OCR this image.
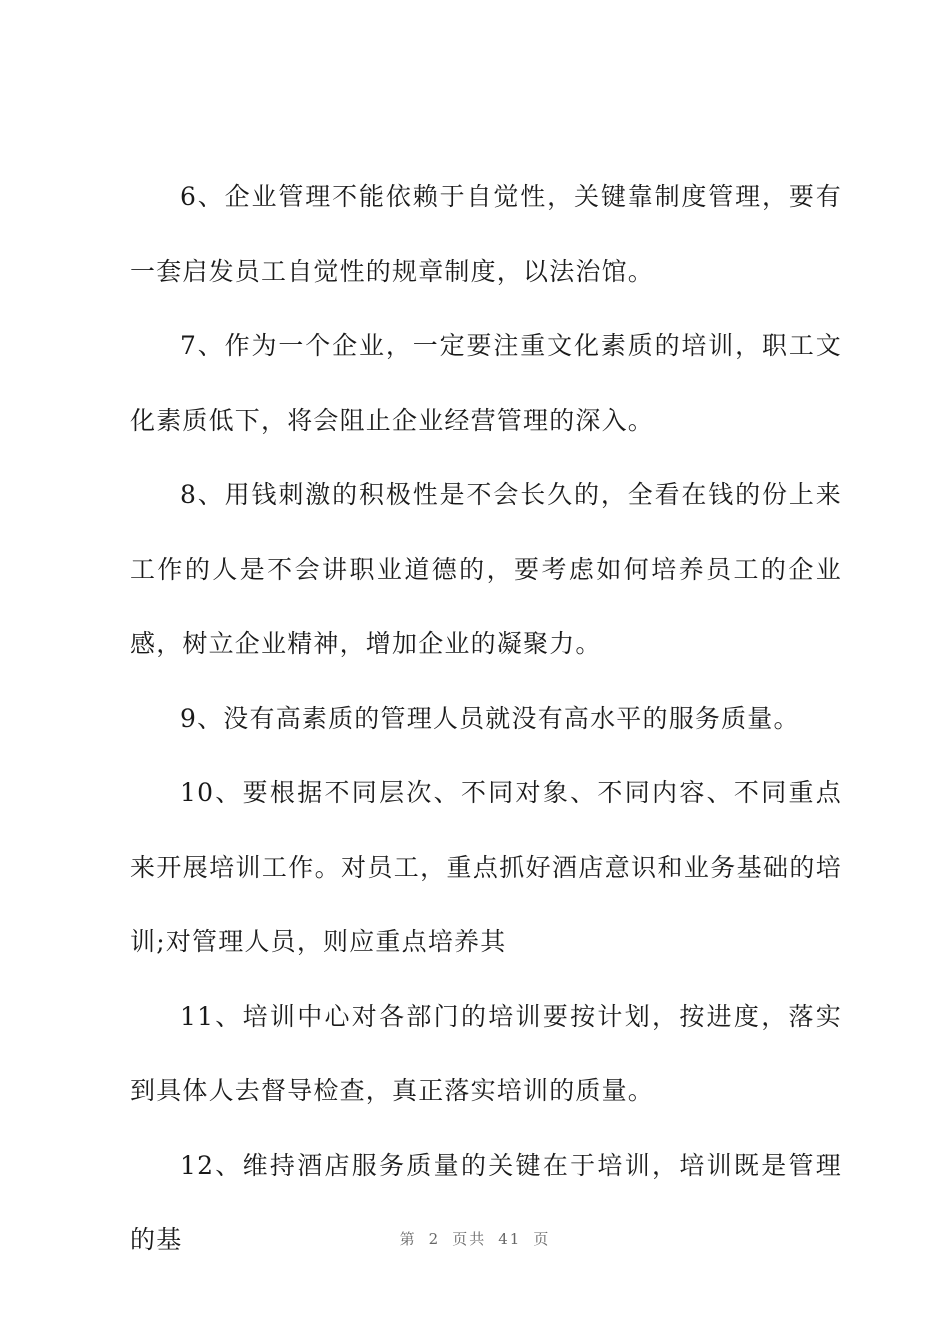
6、企业管理不能依赖于自觉性，关键靠制度管理，要有一套启发员工自觉性的规章制度，以法治馆。

7、作为一个企业，一定要注重文化素质的培训，职工文化素质低下，将会阻止企业经营管理的深入。

8、用钱刺激的积极性是不会长久的，全看在钱的份上来工作的人是不会讲职业道德的，要考虑如何培养员工的企业感，树立企业精神，增加企业的凝聚力。

9、没有高素质的管理人员就没有高水平的服务质量。

10、要根据不同层次、不同对象、不同内容、不同重点来开展培训工作。对员工，重点抓好酒店意识和业务基础的培训;对管理人员，则应重点培养其

11、培训中心对各部门的培训要按计划，按进度，落实到具体人去督导检查，真正落实培训的质量。

12、维持酒店服务质量的关键在于培训，培训既是管理的基	第 2 页共 41 页
